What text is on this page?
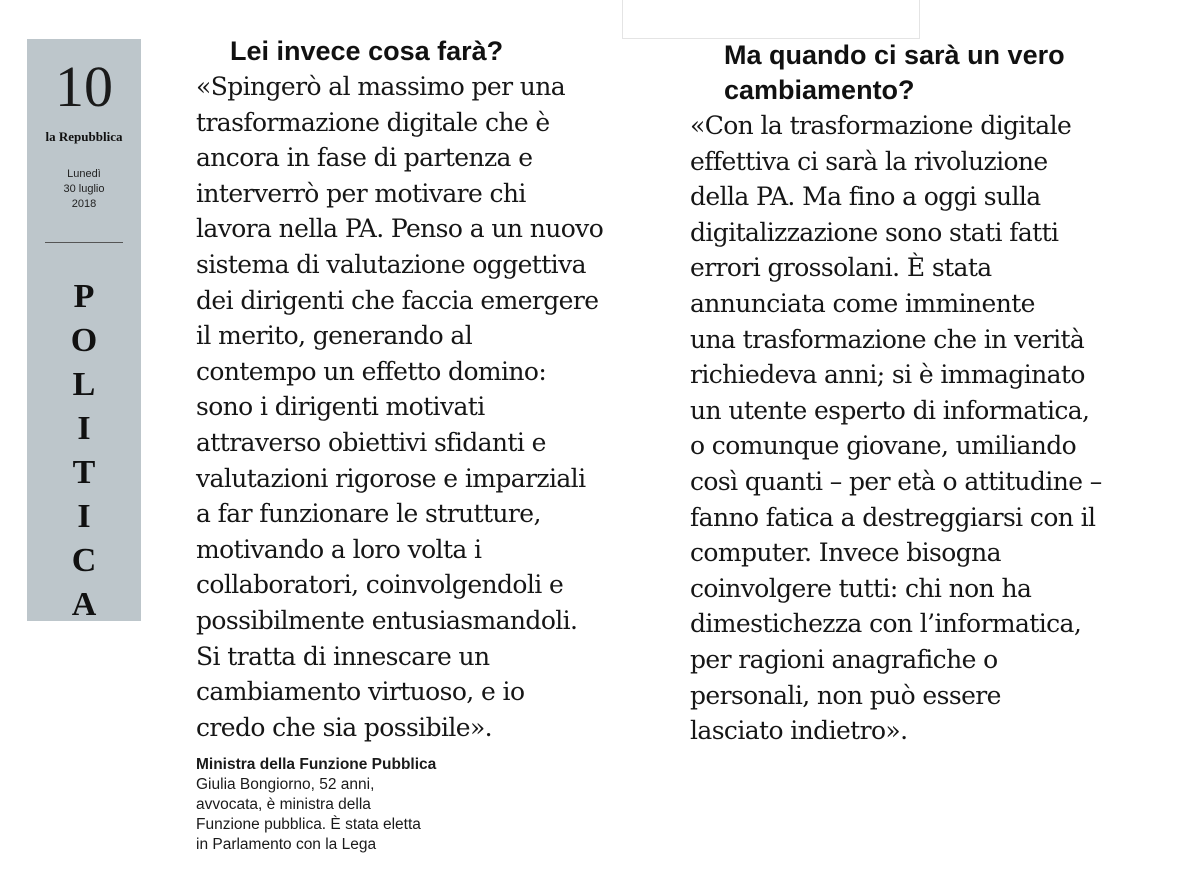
10
la Repubblica
Lunedì
30 luglio
2018
P
O
L
I
T
I
C
A
Lei invece cosa farà?

«Spingerò al massimo per una
trasformazione digitale che è
ancora in fase di partenza e
interverrò per motivare chi
lavora nella PA. Penso a un nuovo
sistema di valutazione oggettiva
dei dirigenti che faccia emergere
il merito, generando al
contempo un effetto domino:
sono i dirigenti motivati
attraverso obiettivi sfidanti e
valutazioni rigorose e imparziali
a far funzionare le strutture,
motivando a loro volta i
collaboratori, coinvolgendoli e
possibilmente entusiasmandoli.
Si tratta di innescare un
cambiamento virtuoso, e io
credo che sia possibile».

Ma quando ci sarà un vero
cambiamento?

«Con la trasformazione digitale
effettiva ci sarà la rivoluzione
della PA. Ma fino a oggi sulla
digitalizzazione sono stati fatti
errori grossolani. È stata
annunciata come imminente
una trasformazione che in verità
richiedeva anni; si è immaginato
un utente esperto di informatica,
o comunque giovane, umiliando
così quanti – per età o attitudine –
fanno fatica a destreggiarsi con il
computer. Invece bisogna
coinvolgere tutti: chi non ha
dimestichezza con l’informatica,
per ragioni anagrafiche o
personali, non può essere
lasciato indietro».

Ministra della Funzione Pubblica
Giulia Bongiorno, 52 anni,
avvocata, è ministra della
Funzione pubblica. È stata eletta
in Parlamento con la Lega
